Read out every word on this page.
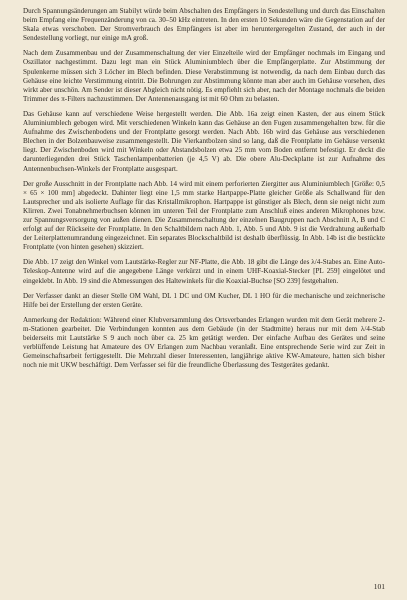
Durch Spannungsänderungen am Stabilyt würde beim Abschalten des Empfängers in Sendestellung und durch das Einschalten beim Empfang eine Frequenzänderung von ca. 30–50 kHz eintreten. In den ersten 10 Sekunden wäre die Gegenstation auf der Skala etwas verschoben. Der Stromverbrauch des Empfängers ist aber im heruntergeregelten Zustand, der auch in der Sendestellung vorliegt, nur einige mA groß.

Nach dem Zusammenbau und der Zusammenschaltung der vier Einzelteile wird der Empfänger nochmals im Eingang und Oszillator nachgestimmt. Dazu legt man ein Stück Aluminiumblech über die Empfängerplatte. Zur Abstimmung der Spulenkerne müssen sich 3 Löcher im Blech befinden. Diese Verabstimmung ist notwendig, da nach dem Einbau durch das Gehäuse eine leichte Verstimmung eintritt. Die Bohrungen zur Abstimmung könnte man aber auch im Gehäuse vorsehen, dies wirkt aber unschön. Am Sender ist dieser Abgleich nicht nötig. Es empfiehlt sich aber, nach der Montage nochmals die beiden Trimmer des π-Filters nachzustimmen. Der Antennenausgang ist mit 60 Ohm zu belasten.

Das Gehäuse kann auf verschiedene Weise hergestellt werden. Die Abb. 16a zeigt einen Kasten, der aus einem Stück Aluminiumblech gebogen wird. Mit verschiedenen Winkeln kann das Gehäuse an den Fugen zusammengehalten bzw. für die Aufnahme des Zwischenbodens und der Frontplatte gesorgt werden. Nach Abb. 16b wird das Gehäuse aus verschiedenen Blechen in der Bolzenbauweise zusammengestellt. Die Vierkantbolzen sind so lang, daß die Frontplatte im Gehäuse versenkt liegt. Der Zwischenboden wird mit Winkeln oder Abstandsbolzen etwa 25 mm vom Boden entfernt befestigt. Er deckt die darunterliegenden drei Stück Taschenlampenbatterien (je 4,5 V) ab. Die obere Alu-Deckplatte ist zur Aufnahme des Antennenbuchsen-Winkels der Frontplatte ausgespart.

Der große Ausschnitt in der Frontplatte nach Abb. 14 wird mit einem perforierten Ziergitter aus Aluminiumblech [Größe: 0,5 × 65 × 100 mm] abgedeckt. Dahinter liegt eine 1,5 mm starke Hartpappe-Platte gleicher Größe als Schallwand für den Lautsprecher und als isolierte Auflage für das Kristallmikrophon. Hartpappe ist günstiger als Blech, denn sie neigt nicht zum Klirren. Zwei Tonabnehmerbuchsen können im unteren Teil der Frontplatte zum Anschluß eines anderen Mikrophones bzw. zur Spannungsversorgung von außen dienen. Die Zusammenschaltung der einzelnen Baugruppen nach Abschnitt A, B und C erfolgt auf der Rückseite der Frontplatte. In den Schaltbildern nach Abb. 1, Abb. 5 und Abb. 9 ist die Verdrahtung außerhalb der Leiterplattenumrandung eingezeichnet. Ein separates Blockschaltbild ist deshalb überflüssig. In Abb. 14b ist die bestückte Frontplatte (von hinten gesehen) skizziert.

Die Abb. 17 zeigt den Winkel vom Lautstärke-Regler zur NF-Platte, die Abb. 18 gibt die Länge des λ/4-Stabes an. Eine Auto-Teleskop-Antenne wird auf die angegebene Länge verkürzt und in einem UHF-Koaxial-Stecker [PL 259] eingelötet und eingeklebt. In Abb. 19 sind die Abmessungen des Haltewinkels für die Koaxial-Buchse [SO 239] festgehalten.

Der Verfasser dankt an dieser Stelle OM Wahl, DL 1 DC und OM Kucher, DL 1 HO für die mechanische und zeichnerische Hilfe bei der Erstellung der ersten Geräte.

Anmerkung der Redaktion: Während einer Klubversammlung des Ortsverbandes Erlangen wurden mit dem Gerät mehrere 2-m-Stationen gearbeitet. Die Verbindungen konnten aus dem Gebäude (in der Stadtmitte) heraus nur mit dem λ/4-Stab beiderseits mit Lautstärke S 9 auch noch über ca. 25 km getätigt werden. Der einfache Aufbau des Gerätes und seine verblüffende Leistung hat Amateure des OV Erlangen zum Nachbau veranlaßt. Eine entsprechende Serie wird zur Zeit in Gemeinschaftsarbeit fertiggestellt. Die Mehrzahl dieser Interessenten, langjährige aktive KW-Amateure, hatten sich bisher noch nie mit UKW beschäftigt. Dem Verfasser sei für die freundliche Überlassung des Testgerätes gedankt.

101
